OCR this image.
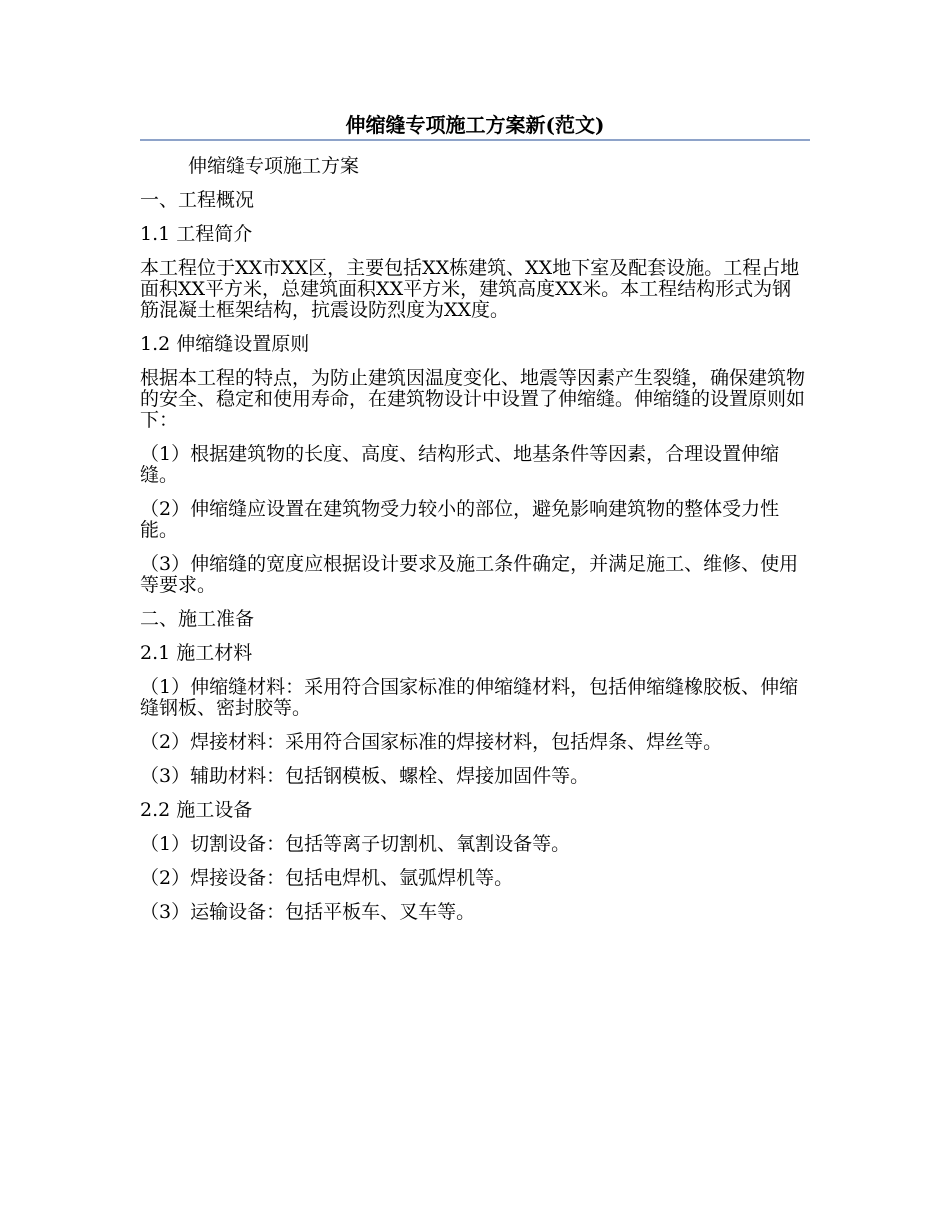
伸缩缝专项施工方案新(范文)

伸缩缝专项施工方案

一、工程概况

1.1 工程简介

本工程位于XX市XX区，主要包括XX栋建筑、XX地下室及配套设施。工程占地面积XX平方米，总建筑面积XX平方米，建筑高度XX米。本工程结构形式为钢筋混凝土框架结构，抗震设防烈度为XX度。

1.2 伸缩缝设置原则

根据本工程的特点，为防止建筑因温度变化、地震等因素产生裂缝，确保建筑物的安全、稳定和使用寿命，在建筑物设计中设置了伸缩缝。伸缩缝的设置原则如下：

（1）根据建筑物的长度、高度、结构形式、地基条件等因素，合理设置伸缩缝。

（2）伸缩缝应设置在建筑物受力较小的部位，避免影响建筑物的整体受力性能。

（3）伸缩缝的宽度应根据设计要求及施工条件确定，并满足施工、维修、使用等要求。

二、施工准备

2.1 施工材料

（1）伸缩缝材料：采用符合国家标准的伸缩缝材料，包括伸缩缝橡胶板、伸缩缝钢板、密封胶等。

（2）焊接材料：采用符合国家标准的焊接材料，包括焊条、焊丝等。

（3）辅助材料：包括钢模板、螺栓、焊接加固件等。

2.2 施工设备

（1）切割设备：包括等离子切割机、氧割设备等。

（2）焊接设备：包括电焊机、氩弧焊机等。

（3）运输设备：包括平板车、叉车等。
